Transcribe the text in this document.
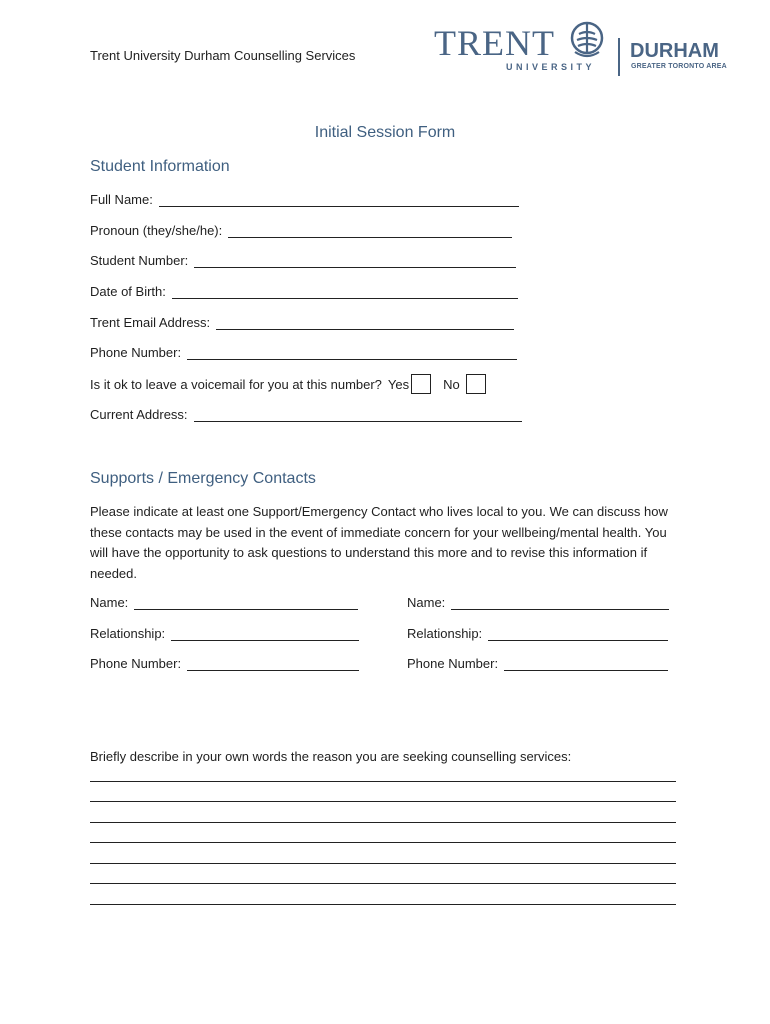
Trent University Durham Counselling Services TRENT
UNIVERSITY
DURHAM
GREATER TORONTO AREA
Initial Session Form
Student Information
Full Name:
Pronoun (they/she/he):
Student Number:
Date of Birth:
Trent Email Address:
Phone Number:
Is it ok to leave a voicemail for you at this number? Yes	No
Current Address:
Supports / Emergency Contacts
Please indicate at least one Support/Emergency Contact who lives local to you. We can discuss how these contacts may be used in the event of immediate concern for your wellbeing/mental health. You will have the opportunity to ask questions to understand this more and to revise this information if needed.
Name:
Relationship:
Phone Number:
Name:
Relationship:
Phone Number:
Briefly describe in your own words the reason you are seeking counselling services:
